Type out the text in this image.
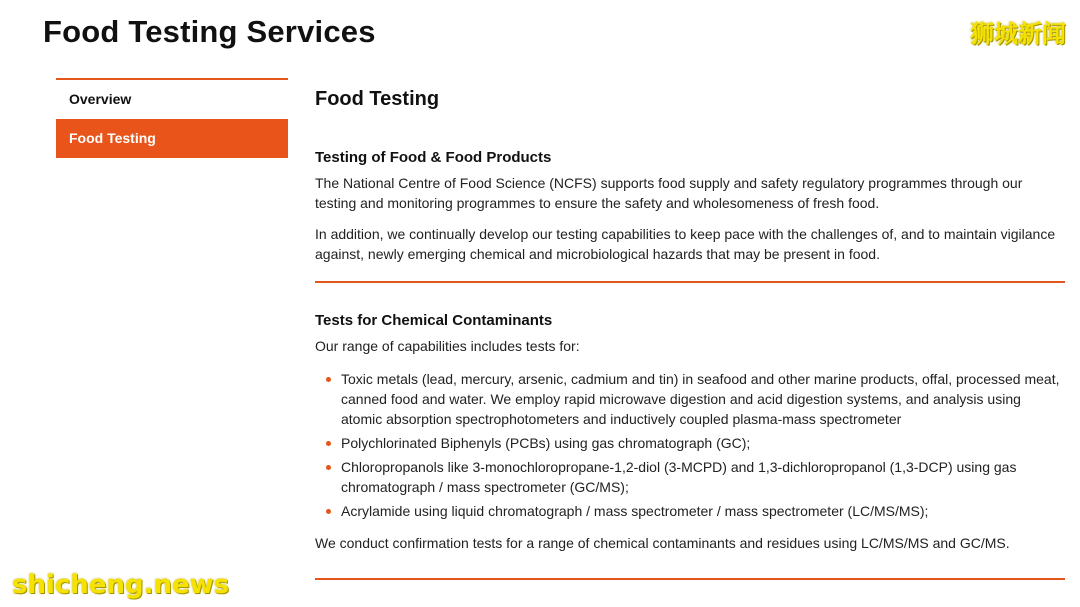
Food Testing Services	狮城新闻
Overview
Food Testing
Food Testing
Testing of Food & Food Products

The National Centre of Food Science (NCFS) supports food supply and safety regulatory programmes through our testing and monitoring programmes to ensure the safety and wholesomeness of fresh food.

In addition, we continually develop our testing capabilities to keep pace with the challenges of, and to maintain vigilance against, newly emerging chemical and microbiological hazards that may be present in food.

Tests for Chemical Contaminants

Our range of capabilities includes tests for:

Toxic metals (lead, mercury, arsenic, cadmium and tin) in seafood and other marine products, offal, processed meat, canned food and water. We employ rapid microwave digestion and acid digestion systems, and analysis using atomic absorption spectrophotometers and inductively coupled plasma-mass spectrometer
Polychlorinated Biphenyls (PCBs) using gas chromatograph (GC);
Chloropropanols like 3-monochloropropane-1,2-diol (3-MCPD) and 1,3-dichloropropanol (1,3-DCP) using gas chromatograph / mass spectrometer (GC/MS);
Acrylamide using liquid chromatograph / mass spectrometer / mass spectrometer (LC/MS/MS);

We conduct confirmation tests for a range of chemical contaminants and residues using LC/MS/MS and GC/MS.

shicheng.news
